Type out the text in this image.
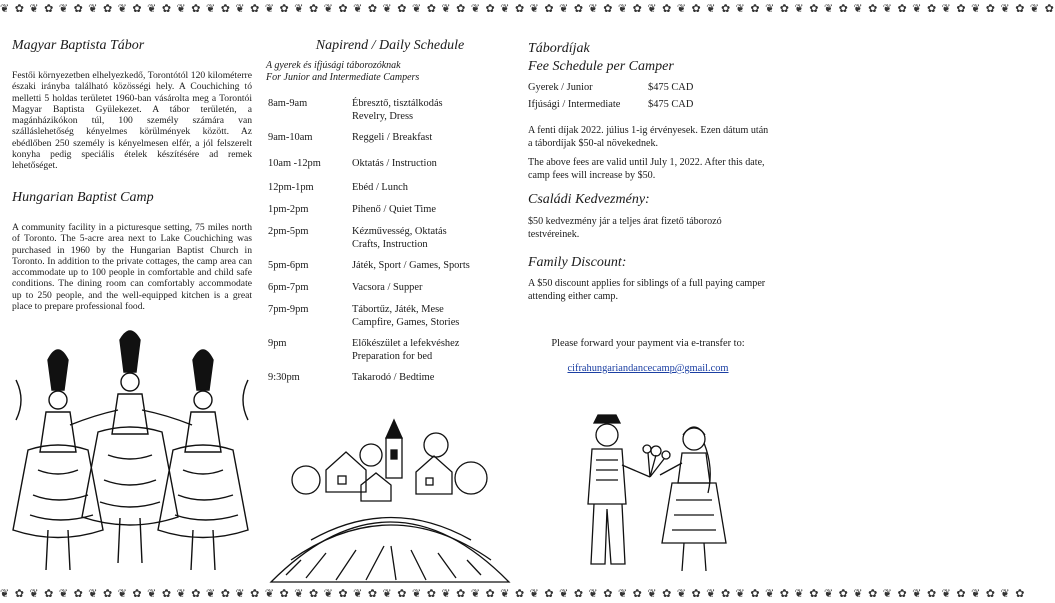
❦ ✿ ❦ ✿ ❦ ✿ ❦ ✿ ❦ ✿ ❦ ✿ ❦ ✿ ❦ ✿ ❦ ✿ ❦ ✿ ❦ ✿ ❦ ✿ ❦ ✿ ❦ ✿ ❦ ✿ ❦ ✿ ❦ ✿ ❦ ✿ ❦ ✿ ❦ ✿ ❦ ✿ ❦ ✿ ❦ ✿ ❦ ✿ ❦ ✿ ❦ ✿ ❦ ✿ ❦ ✿ ❦ ✿ ❦ ✿ ❦ ✿ ❦ ✿ ❦ ✿ ❦ ✿ ❦ ✿ ❦ ✿
Magyar Baptista Tábor
Festői környezetben elhelyezkedő, Torontótól 120 kilométerre északi irányba található közösségi hely. A Couchiching tó melletti 5 holdas területet 1960-ban vásárolta meg a Torontói Magyar Baptista Gyülekezet. A tábor területén, a magánházikókon túl, 100 személy számára van szálláslehetőség kényelmes körülmények között. Az ebédlőben 250 személy is kényelmesen elfér, a jól felszerelt konyha pedig speciális ételek készítésére ad remek lehetőséget.
Hungarian Baptist Camp
A community facility in a picturesque setting, 75 miles north of Toronto. The 5-acre area next to Lake Couchiching was purchased in 1960 by the Hungarian Baptist Church in Toronto. In addition to the private cottages, the camp area can accommodate up to 100 people in comfortable and child safe conditions. The dining room can comfortably accommodate up to 250 people, and the well-equipped kitchen is a great place to prepare professional food.
Napirend / Daily Schedule
A gyerek és ifjúsági táborozóknak
For Junior and Intermediate Campers
8am-9am	Ébresztő, tisztálkodás
Revelry, Dress
9am-10am	Reggeli / Breakfast
10am -12pm	Oktatás / Instruction
12pm-1pm	Ebéd / Lunch
1pm-2pm	Pihenő / Quiet Time
2pm-5pm	Kézművesség, Oktatás
Crafts, Instruction
5pm-6pm	Játék, Sport / Games, Sports
6pm-7pm	Vacsora / Supper
7pm-9pm	Tábortűz, Játék, Mese
Campfire, Games, Stories
9pm	Előkészület a lefekvéshez
Preparation for bed
9:30pm	Takarodó / Bedtime
Tábordíjak
Fee Schedule per Camper
Gyerek / Junior	$475 CAD
Ifjúsági / Intermediate	$475 CAD
A fenti díjak 2022. július 1-ig érvényesek. Ezen dátum után a tábordíjak $50-al növekednek.
The above fees are valid until July 1, 2022. After this date, camp fees will increase by $50.
Családi Kedvezmény:
$50 kedvezmény jár a teljes árat fizető táborozó testvéreinek.
Family Discount:
A $50 discount applies for siblings of a full paying camper attending either camp.
Please forward your payment via e-transfer to:
cifrahungariandancecamp@gmail.com
❦ ✿ ❦ ✿ ❦ ✿ ❦ ✿ ❦ ✿ ❦ ✿ ❦ ✿ ❦ ✿ ❦ ✿ ❦ ✿ ❦ ✿ ❦ ✿ ❦ ✿ ❦ ✿ ❦ ✿ ❦ ✿ ❦ ✿ ❦ ✿ ❦ ✿ ❦ ✿ ❦ ✿ ❦ ✿ ❦ ✿ ❦ ✿ ❦ ✿ ❦ ✿ ❦ ✿ ❦ ✿ ❦ ✿ ❦ ✿ ❦ ✿ ❦ ✿ ❦ ✿ ❦ ✿ ❦ ✿
